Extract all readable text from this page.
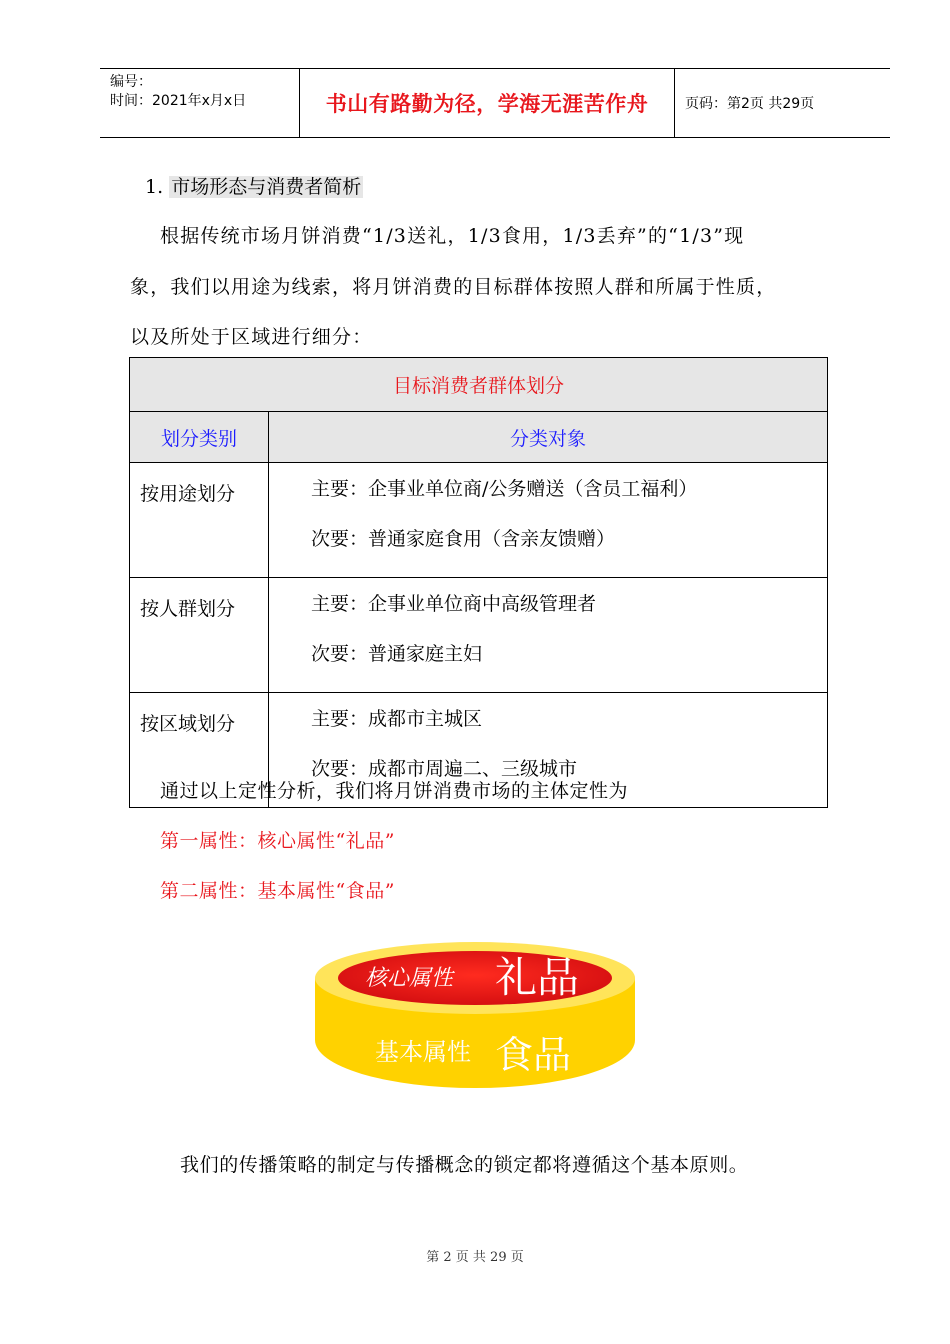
编号：
时间：2021年x月x日	书山有路勤为径，学海无涯苦作舟	页码：第2页 共29页
1. 市场形态与消费者简析
根据传统市场月饼消费“1/3送礼，1/3食用，1/3丢弃”的“1/3”现
象，我们以用途为线索，将月饼消费的目标群体按照人群和所属于性质，
以及所处于区域进行细分：
目标消费者群体划分	
划分类别	分类对象
按用途划分	主要：企事业单位商/公务赠送（含员工福利）
次要：普通家庭食用（含亲友馈赠）

按人群划分	主要：企事业单位商中高级管理者
次要：普通家庭主妇

按区域划分	主要：成都市主城区
次要：成都市周遍二、三级城市
通过以上定性分析，我们将月饼消费市场的主体定性为
第一属性：核心属性“礼品”
第二属性：基本属性“食品”
核心属性 礼品
基本属性 食品
我们的传播策略的制定与传播概念的锁定都将遵循这个基本原则。
第 2 页 共 29 页
